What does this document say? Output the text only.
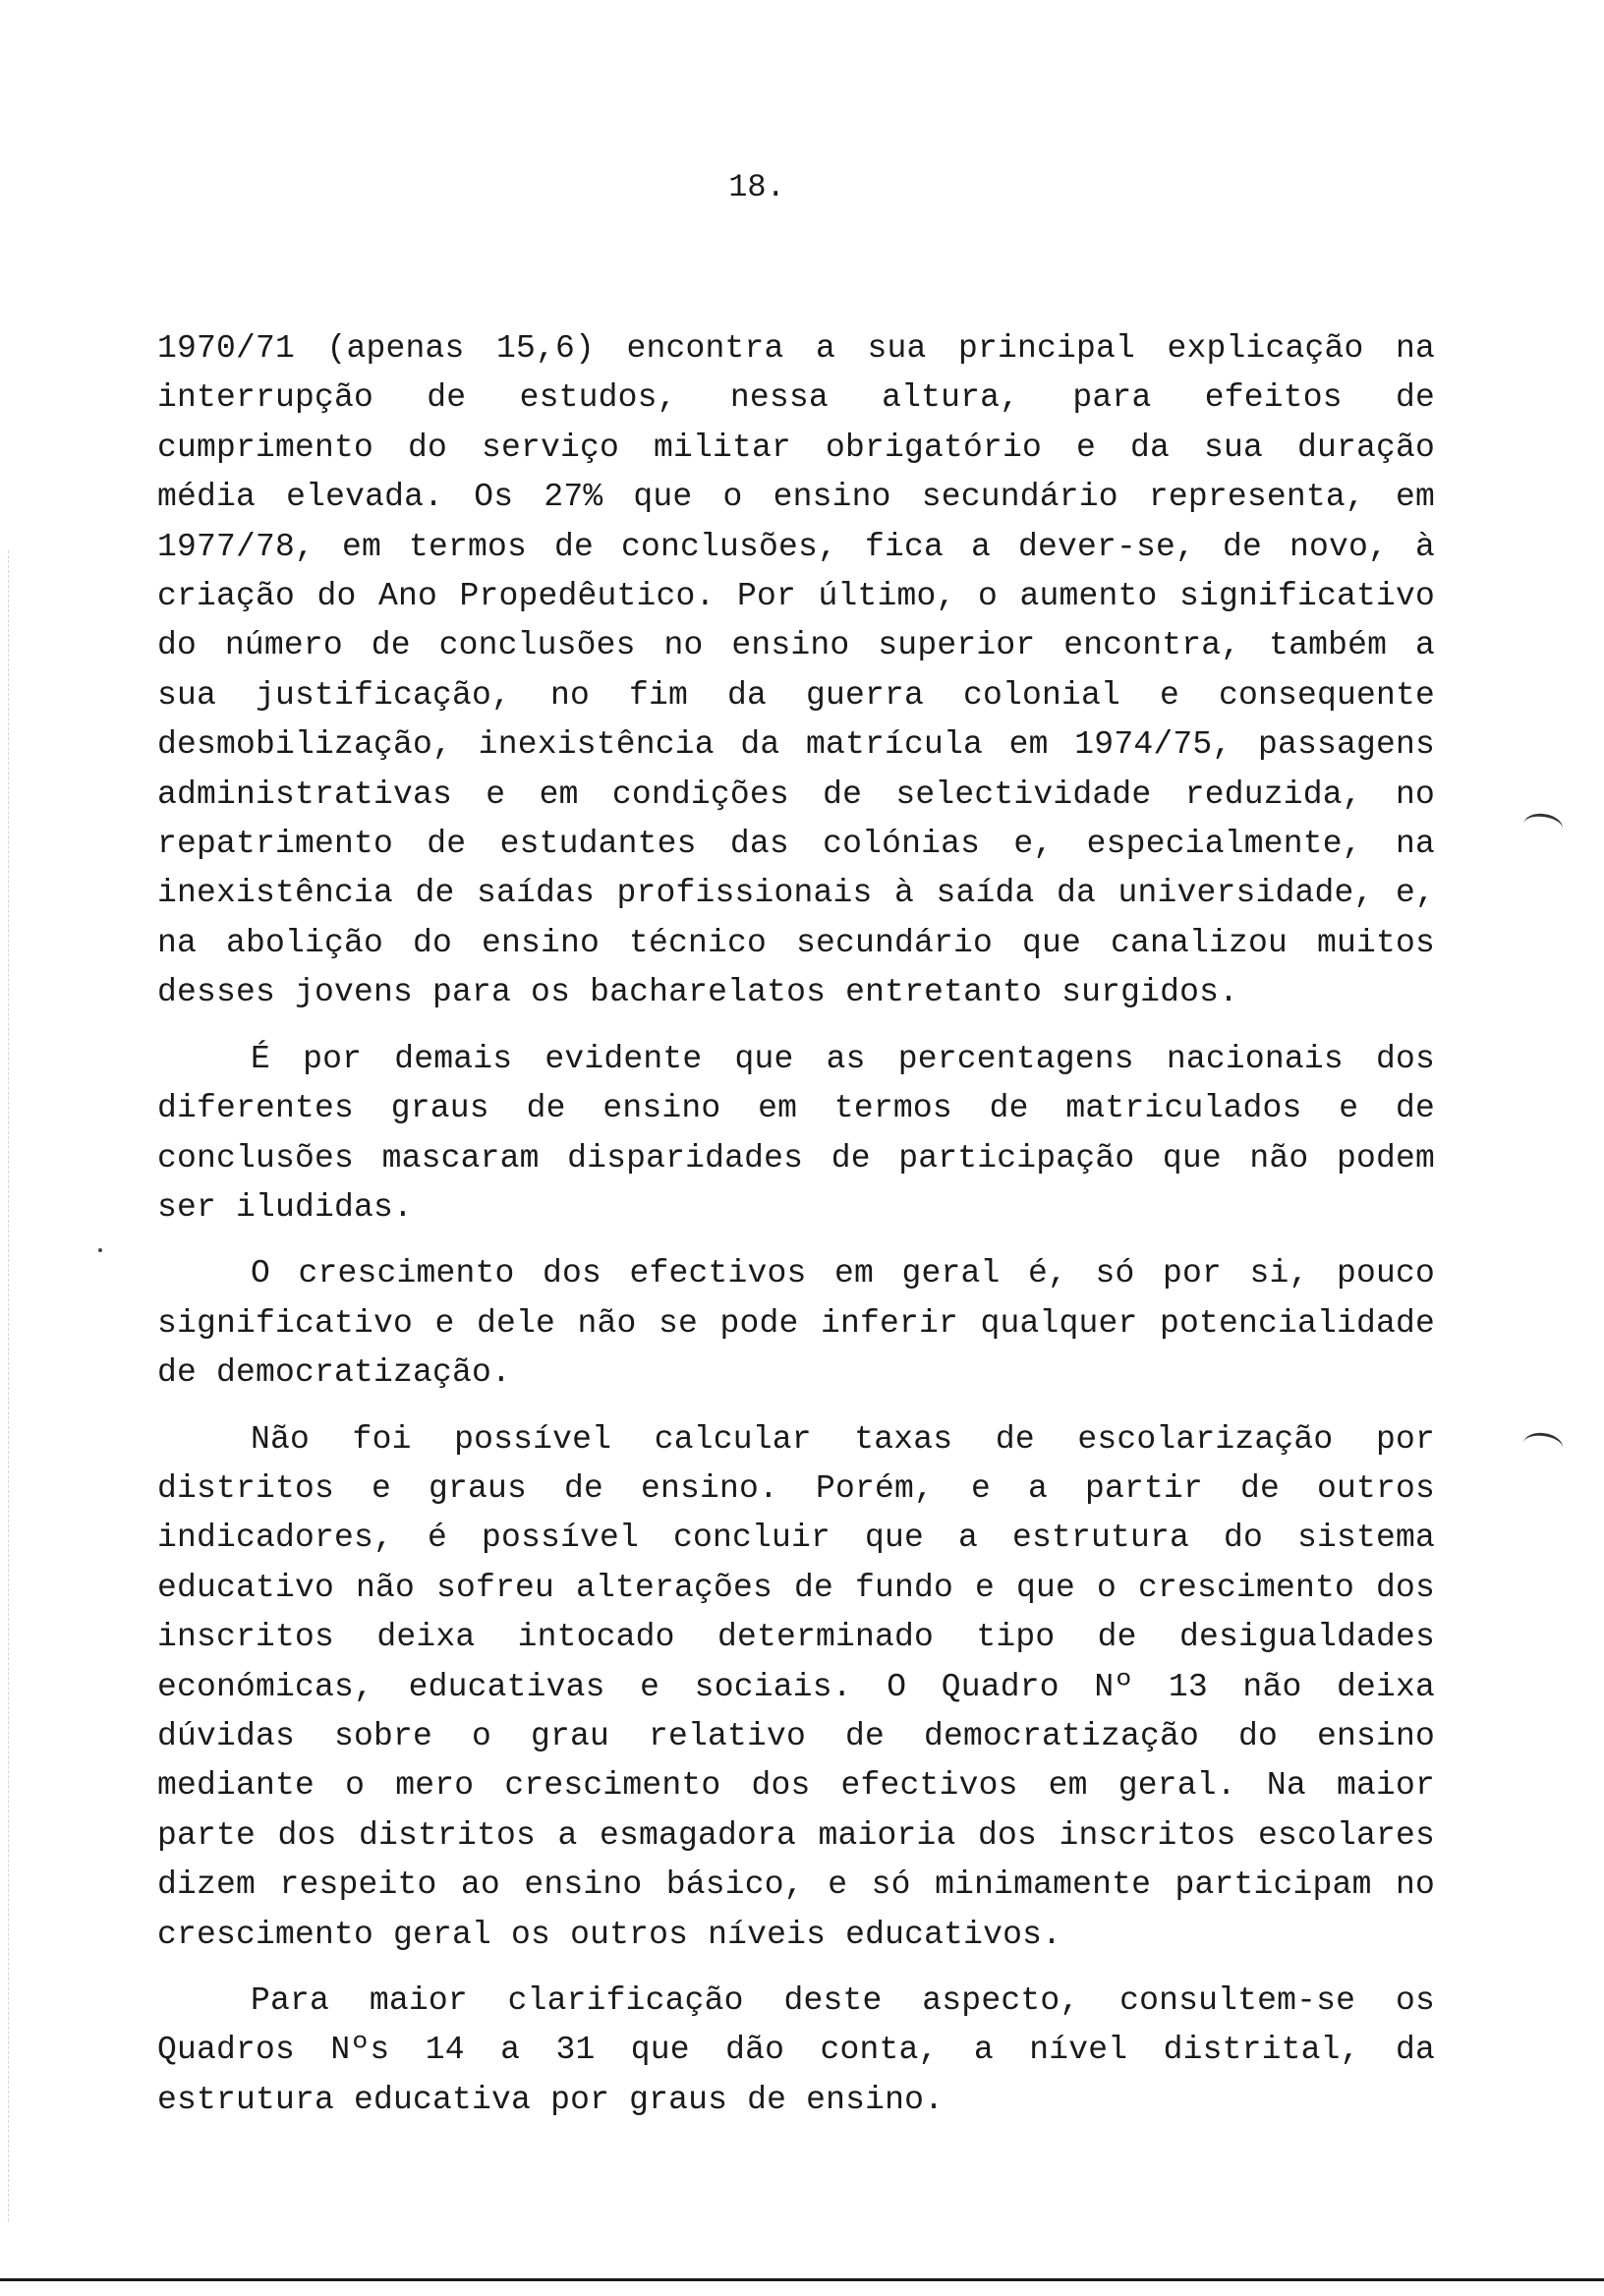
18.

1970/71 (apenas 15,6) encontra a sua principal explicação na interrupção de estudos, nessa altura, para efeitos de cumprimento do serviço militar obrigatório e da sua duração média elevada. Os 27% que o ensino secundário representa, em 1977/78, em termos de conclusões, fica a dever-se, de novo, à criação do Ano Propedêutico. Por último, o aumento significativo do número de conclusões no ensino superior encontra, também a sua justificação, no fim da guerra colonial e consequente desmobilização, inexistência da matrícula em 1974/75, passagens administrativas e em condições de selectividade reduzida, no repatrimento de estudantes das colónias e, especialmente, na inexistência de saídas profissionais à saída da universidade, e, na abolição do ensino técnico secundário que canalizou muitos desses jovens para os bacharelatos entretanto surgidos.

É por demais evidente que as percentagens nacionais dos diferentes graus de ensino em termos de matriculados e de conclusões mascaram disparidades de participação que não podem ser iludidas.

O crescimento dos efectivos em geral é, só por si, pouco significativo e dele não se pode inferir qualquer potencialidade de democratização.

Não foi possível calcular taxas de escolarização por distritos e graus de ensino. Porém, e a partir de outros indicadores, é possível concluir que a estrutura do sistema educativo não sofreu alterações de fundo e que o crescimento dos inscritos deixa intocado determinado tipo de desigualdades económicas, educativas e sociais. O Quadro Nº 13 não deixa dúvidas sobre o grau relativo de democratização do ensino mediante o mero crescimento dos efectivos em geral. Na maior parte dos distritos a esmagadora maioria dos inscritos escolares dizem respeito ao ensino básico, e só minimamente participam no crescimento geral os outros níveis educativos.

Para maior clarificação deste aspecto, consultem-se os Quadros Nºs 14 a 31 que dão conta, a nível distrital, da estrutura educativa por graus de ensino.
